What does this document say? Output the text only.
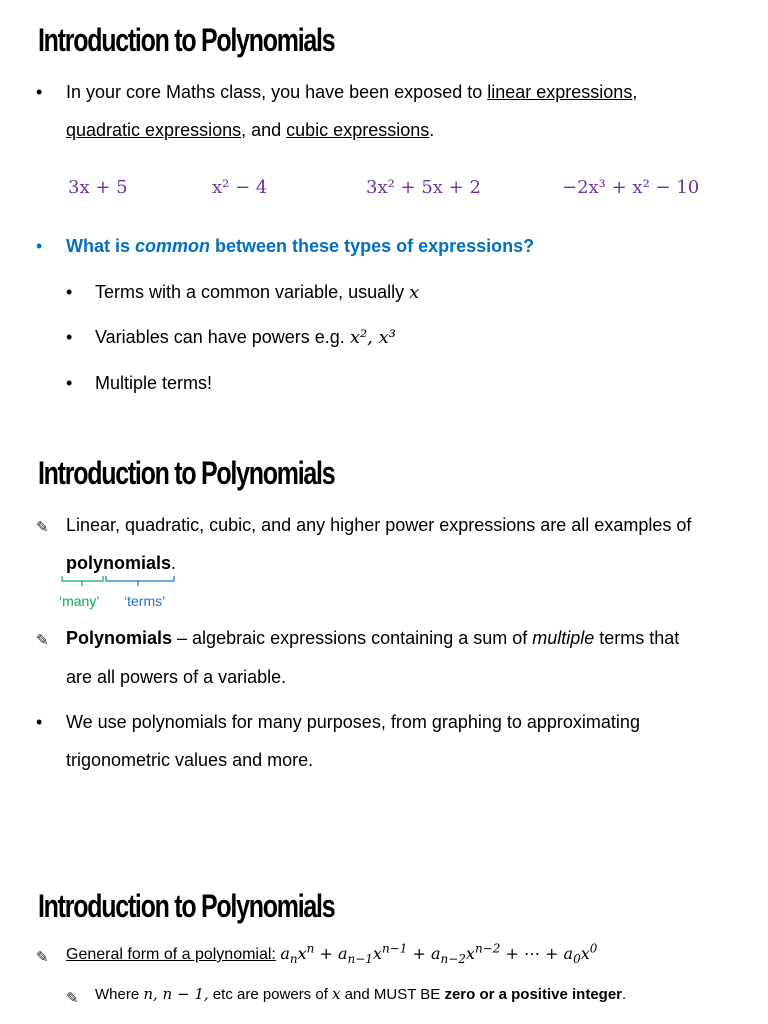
Introduction to Polynomials
• In your core Maths class, you have been exposed to linear expressions,
quadratic expressions, and cubic expressions.
3x + 5	x² − 4	3x² + 5x + 2	−2x³ + x² − 10
• What is common between these types of expressions?
• Terms with a common variable, usually x
• Variables can have powers e.g. x², x³
• Multiple terms!
Introduction to Polynomials
✎ Linear, quadratic, cubic, and any higher power expressions are all examples of
polynomials.
‘many’ ‘terms’
✎ Polynomials – algebraic expressions containing a sum of multiple terms that
are all powers of a variable.
• We use polynomials for many purposes, from graphing to approximating
trigonometric values and more.
Introduction to Polynomials
✎ General form of a polynomial: $a_nx^n + a_{n-1}x^{n-1} + a_{n-2}x^{n-2}$ + ⋯ + $a_0x^0$
✎ Where n, n − 1, etc are powers of x and MUST BE zero or a positive integer.
